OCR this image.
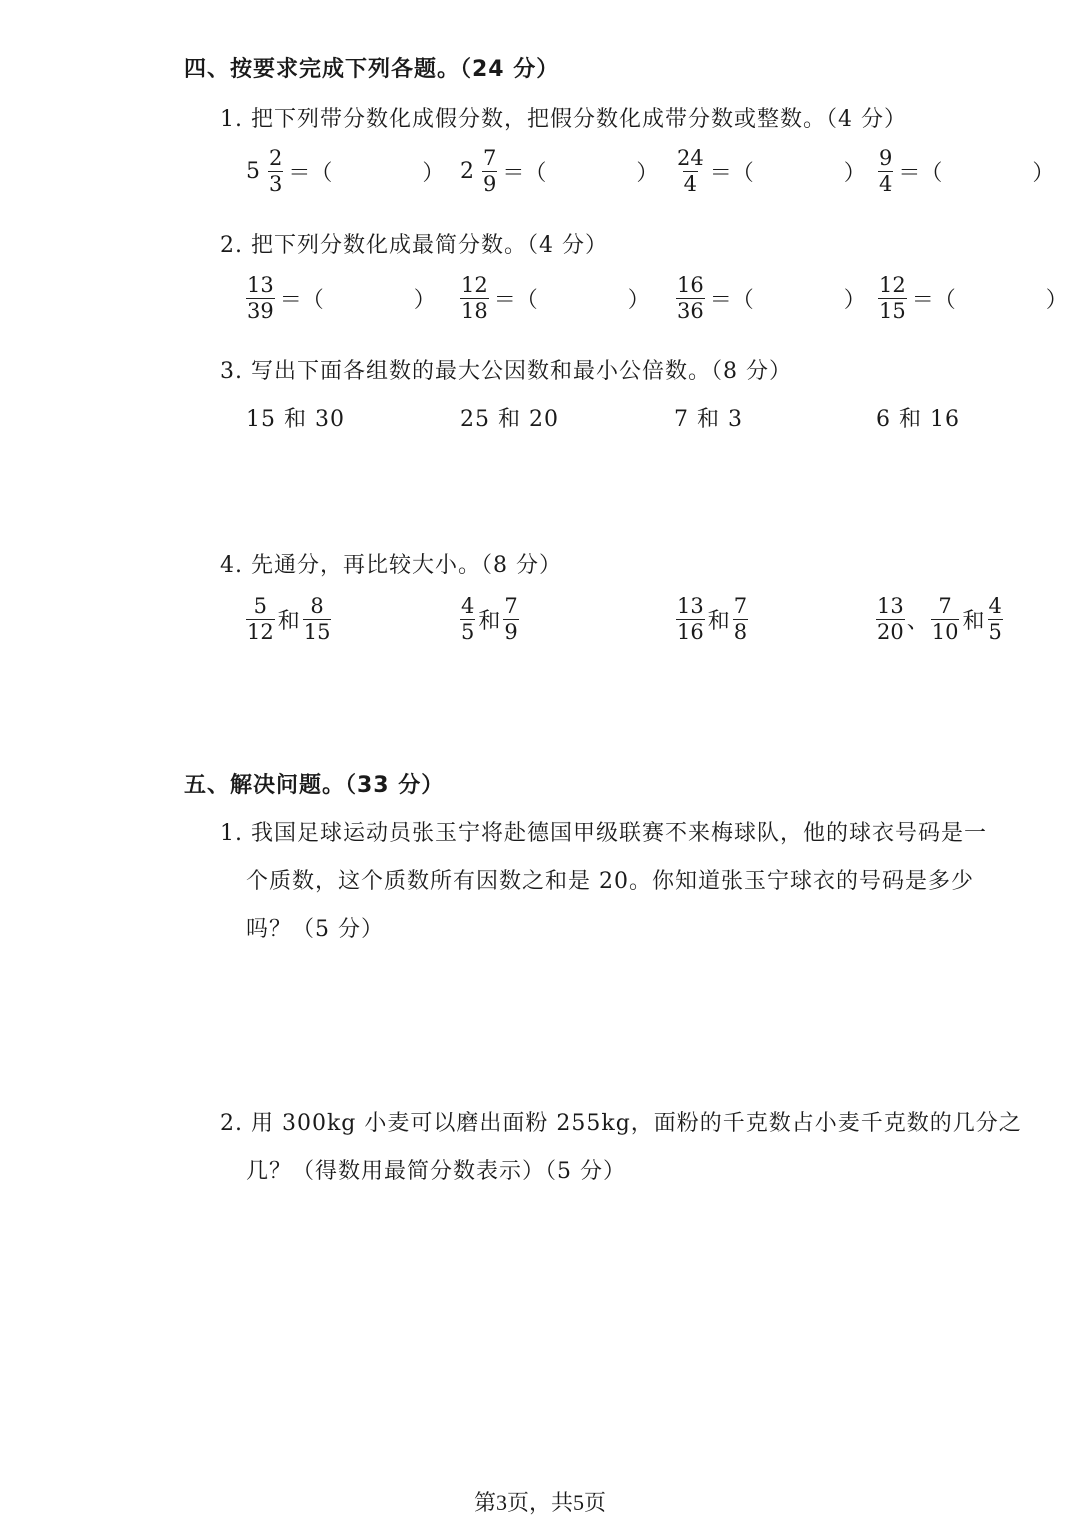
四、按要求完成下列各题。（24 分）
1. 把下列带分数化成假分数，把假分数化成带分数或整数。（4 分）
$5 \frac{2}{3}$ ＝（	） $2 \frac{7}{9}$ ＝（	） $\frac{24}{4}$ ＝（	） $\frac{9}{4}$ ＝（	）
2. 把下列分数化成最简分数。（4 分）
$\frac{13}{39}$ ＝（	） $\frac{12}{18}$ ＝（	） $\frac{16}{36}$ ＝（	） $\frac{12}{15}$ ＝（	）
3. 写出下面各组数的最大公因数和最小公倍数。（8 分）
15 和 30	25 和 20	7 和 3	6 和 16
4. 先通分，再比较大小。（8 分）
$\frac{5}{12}$ 和 $\frac{8}{15}$	$\frac{4}{5}$ 和 $\frac{7}{9}$	$\frac{13}{16}$ 和 $\frac{7}{8}$	$\frac{13}{20}$ 、 $\frac{7}{10}$ 和 $\frac{4}{5}$
五、解决问题。（33 分）
1. 我国足球运动员张玉宁将赴德国甲级联赛不来梅球队，他的球衣号码是一
个质数，这个质数所有因数之和是 20。你知道张玉宁球衣的号码是多少
吗？（5 分）
2. 用 300kg 小麦可以磨出面粉 255kg，面粉的千克数占小麦千克数的几分之
几？（得数用最简分数表示）（5 分）
第3页，共5页
